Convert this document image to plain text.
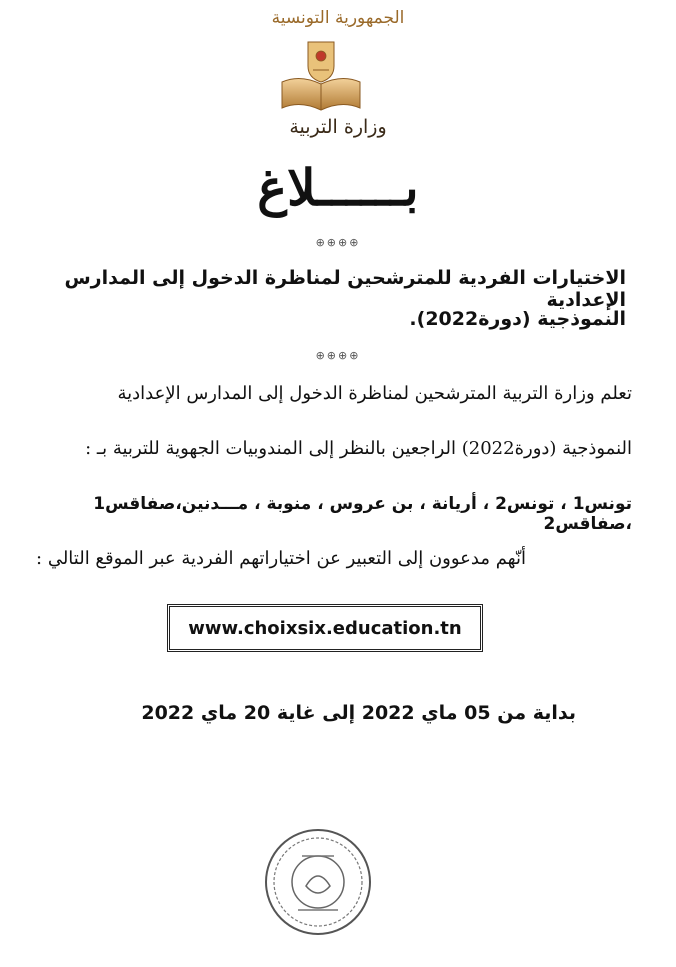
الجمهورية التونسية
وزارة التربية
بــــــلاغ
⊕⊕⊕⊕
الاختيارات الفردية للمترشحين لمناظرة الدخول إلى المدارس الإعدادية
النموذجية (دورة2022).
⊕⊕⊕⊕
تعلم وزارة التربية المترشحين لمناظرة الدخول إلى المدارس الإعدادية
النموذجية (دورة2022) الراجعين بالنظر إلى المندوبيات الجهوية للتربية بـ :
تونس1 ، تونس2 ، أريانة ، بن عروس ، منوبة ، مـــدنين،صفاقس1 ،صفاقس2
أنّهم مدعوون إلى التعبير عن اختياراتهم الفردية عبر الموقع التالي :
www.choixsix.education.tn
بداية من 05 ماي 2022 إلى غاية 20 ماي 2022
